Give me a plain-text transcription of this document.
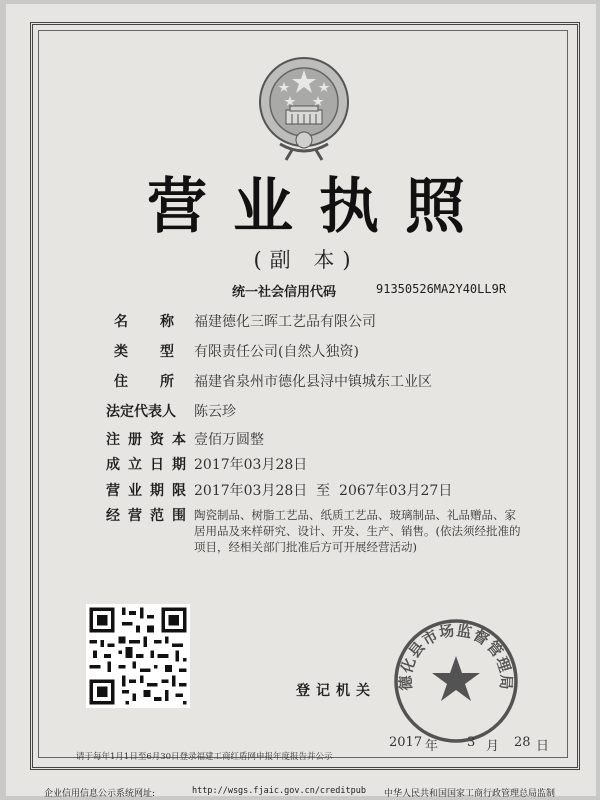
营业执照
(副 本)
统一社会信用代码	91350526MA2Y40LL9R
名 称 福建德化三晖工艺品有限公司
类 型 有限责任公司(自然人独资)
住 所 福建省泉州市德化县浔中镇城东工业区
法定代表人 陈云珍
注 册 资 本 壹佰万圆整
成 立 日 期 2017年03月28日
营 业 期 限 2017年03月28日  至  2067年03月27日
经 营 范 围 陶瓷制品、树脂工艺品、纸质工艺品、玻璃制品、礼品赠品、家居用品及来样研究、设计、开发、生产、销售。(依法须经批准的项目，经相关部门批准后方可开展经营活动)
登记机关
德化县市场监督管理局
2017 年 3 月 28 日
请于每年1月1日至6月30日登录福建工商红盾网申报年度报告并公示
企业信用信息公示系统网址:	http://wsgs.fjaic.gov.cn/creditpub 中华人民共和国国家工商行政管理总局监制
